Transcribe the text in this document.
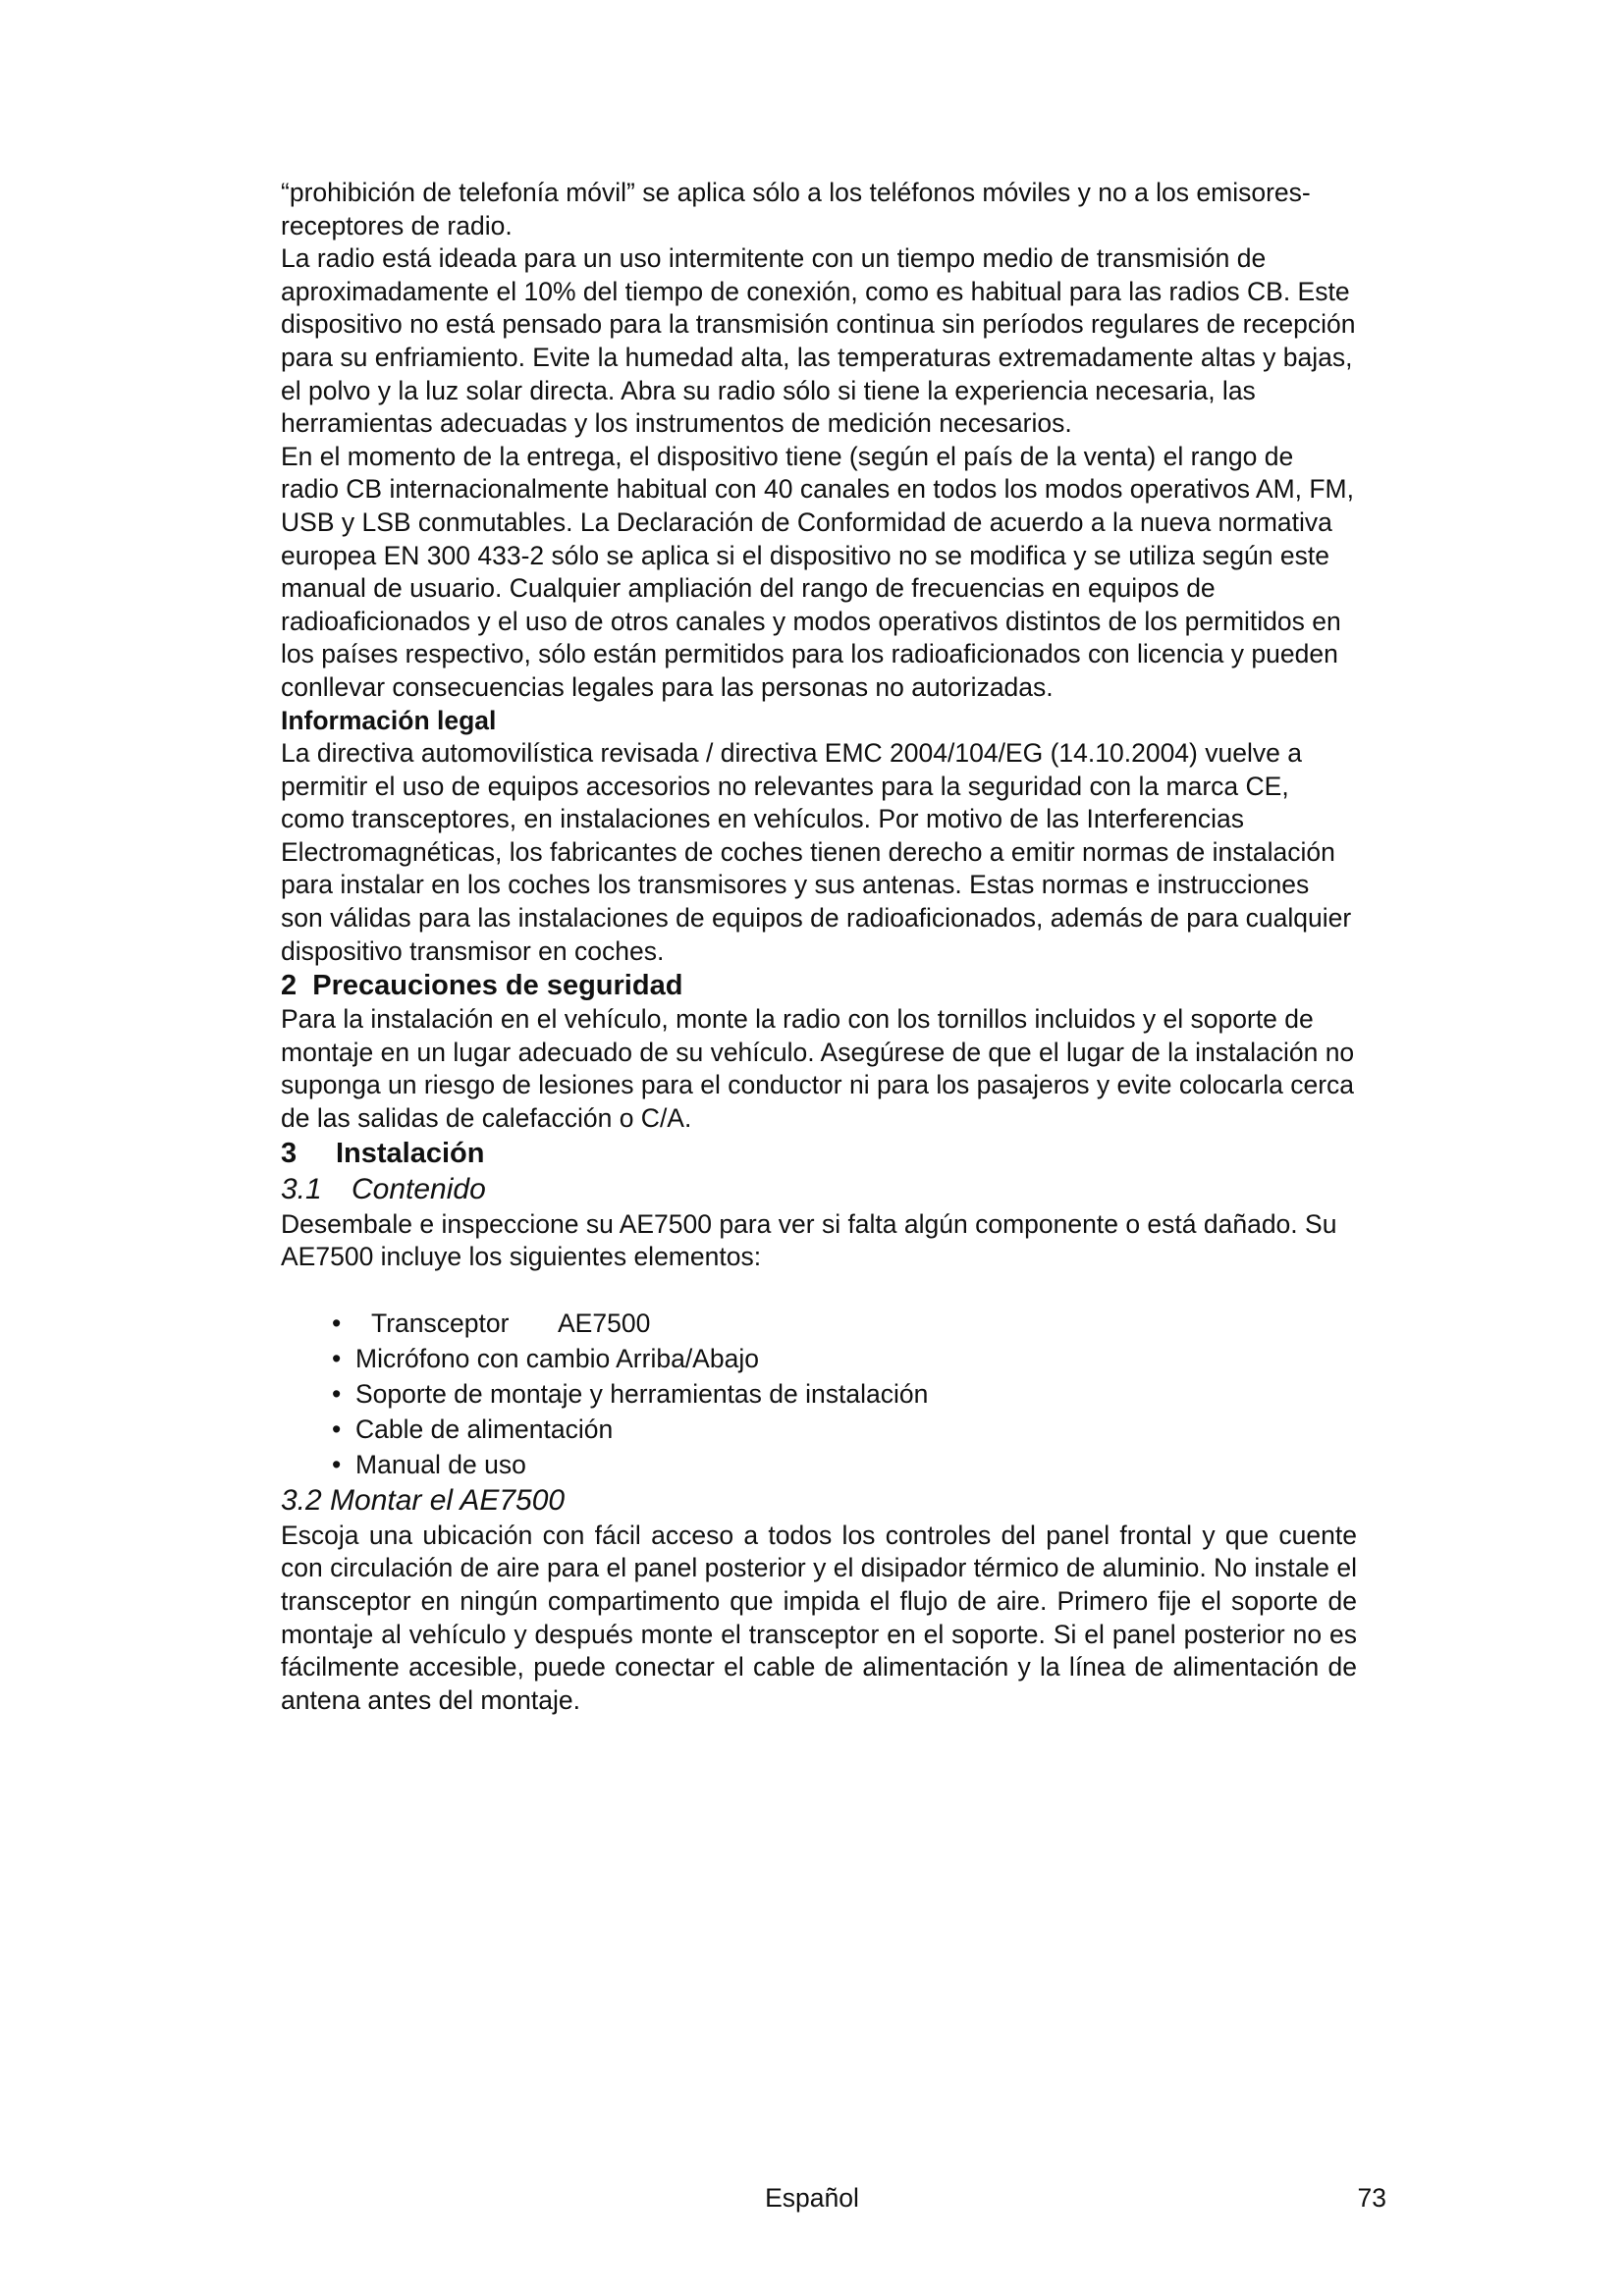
“prohibición de telefonía móvil” se aplica sólo a los teléfonos móviles y no a los emisores-receptores de radio.

La radio está ideada para un uso intermitente con un tiempo medio de transmisión de aproximadamente el 10% del tiempo de conexión, como es habitual para las radios CB. Este dispositivo no está pensado para la transmisión continua sin períodos regulares de recepción para su enfriamiento. Evite la humedad alta, las temperaturas extremadamente altas y bajas, el polvo y la luz solar directa. Abra su radio sólo si tiene la experiencia necesaria, las herramientas adecuadas y los instrumentos de medición necesarios.

En el momento de la entrega, el dispositivo tiene (según el país de la venta) el rango de radio CB internacionalmente habitual con 40 canales en todos los modos operativos AM, FM, USB y LSB conmutables. La Declaración de Conformidad de acuerdo a la nueva normativa europea EN 300 433-2 sólo se aplica si el dispositivo no se modifica y se utiliza según este manual de usuario. Cualquier ampliación del rango de frecuencias en equipos de radioaficionados y el uso de otros canales y modos operativos distintos de los permitidos en los países respectivo, sólo están permitidos para los radioaficionados con licencia y pueden conllevar consecuencias legales para las personas no autorizadas.

Información legal

La directiva automovilística revisada / directiva EMC 2004/104/EG (14.10.2004) vuelve a permitir el uso de equipos accesorios no relevantes para la seguridad con la marca CE, como transceptores, en instalaciones en vehículos. Por motivo de las Interferencias Electromagnéticas, los fabricantes de coches tienen derecho a emitir normas de instalación para instalar en los coches los transmisores y sus antenas. Estas normas e instrucciones son válidas para las instalaciones de equipos de radioaficionados, además de para cualquier dispositivo transmisor en coches.

2 Precauciones de seguridad

Para la instalación en el vehículo, monte la radio con los tornillos incluidos y el soporte de montaje en un lugar adecuado de su vehículo. Asegúrese de que el lugar de la instalación no suponga un riesgo de lesiones para el conductor ni para los pasajeros y evite colocarla cerca de las salidas de calefacción o C/A.

3 Instalación
3.1 Contenido

Desembale e inspeccione su AE7500 para ver si falta algún componente o está dañado. Su AE7500 incluye los siguientes elementos:

• Transceptor AE7500
• Micrófono con cambio Arriba/Abajo
• Soporte de montaje y herramientas de instalación
• Cable de alimentación
• Manual de uso
3.2 Montar el AE7500

Escoja una ubicación con fácil acceso a todos los controles del panel frontal y que cuente con circulación de aire para el panel posterior y el disipador térmico de aluminio. No instale el transceptor en ningún compartimento que impida el flujo de aire. Primero fije el soporte de montaje al vehículo y después monte el transceptor en el soporte. Si el panel posterior no es fácilmente accesible, puede conectar el cable de alimentación y la línea de alimentación de antena antes del montaje.

Español	73
